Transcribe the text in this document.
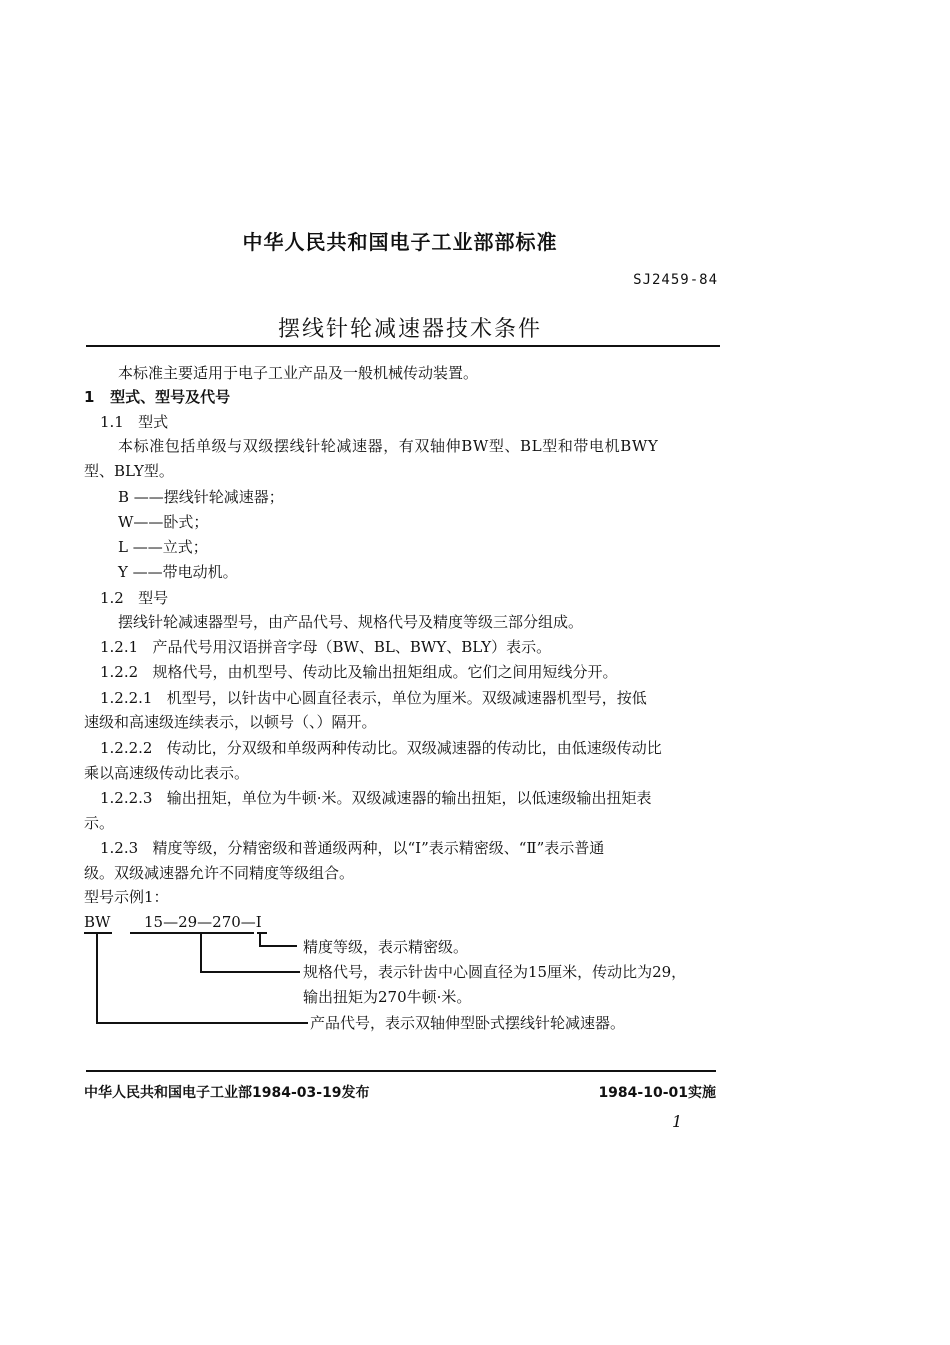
中华人民共和国电子工业部部标准
SJ2459-84
摆线针轮减速器技术条件
本标准主要适用于电子工业产品及一般机械传动装置。
1   型式、型号及代号
1.1   型式
本标准包括单级与双级摆线针轮减速器，有双轴伸BW型、BL型和带电机BWY
型、BLY型。
B ——摆线针轮减速器；
W——卧式；
L ——立式；
Y ——带电动机。
1.2   型号
摆线针轮减速器型号，由产品代号、规格代号及精度等级三部分组成。
1.2.1   产品代号用汉语拼音字母（BW、BL、BWY、BLY）表示。
1.2.2   规格代号，由机型号、传动比及输出扭矩组成。它们之间用短线分开。
1.2.2.1   机型号，以针齿中心圆直径表示，单位为厘米。双级减速器机型号，按低
速级和高速级连续表示，以顿号（、）隔开。
1.2.2.2   传动比，分双级和单级两种传动比。双级减速器的传动比，由低速级传动比
乘以高速级传动比表示。
1.2.2.3   输出扭矩，单位为牛顿·米。双级减速器的输出扭矩，以低速级输出扭矩表
示。
1.2.3   精度等级，分精密级和普通级两种，以“Ⅰ”表示精密级、“Ⅱ”表示普通
级。双级减速器允许不同精度等级组合。
型号示例1：
BW 15—29—270—Ⅰ
精度等级，表示精密级。
规格代号，表示针齿中心圆直径为15厘米，传动比为29，
输出扭矩为270牛顿·米。
产品代号，表示双轴伸型卧式摆线针轮减速器。
中华人民共和国电子工业部1984-03-19发布	1984-10-01实施
1
